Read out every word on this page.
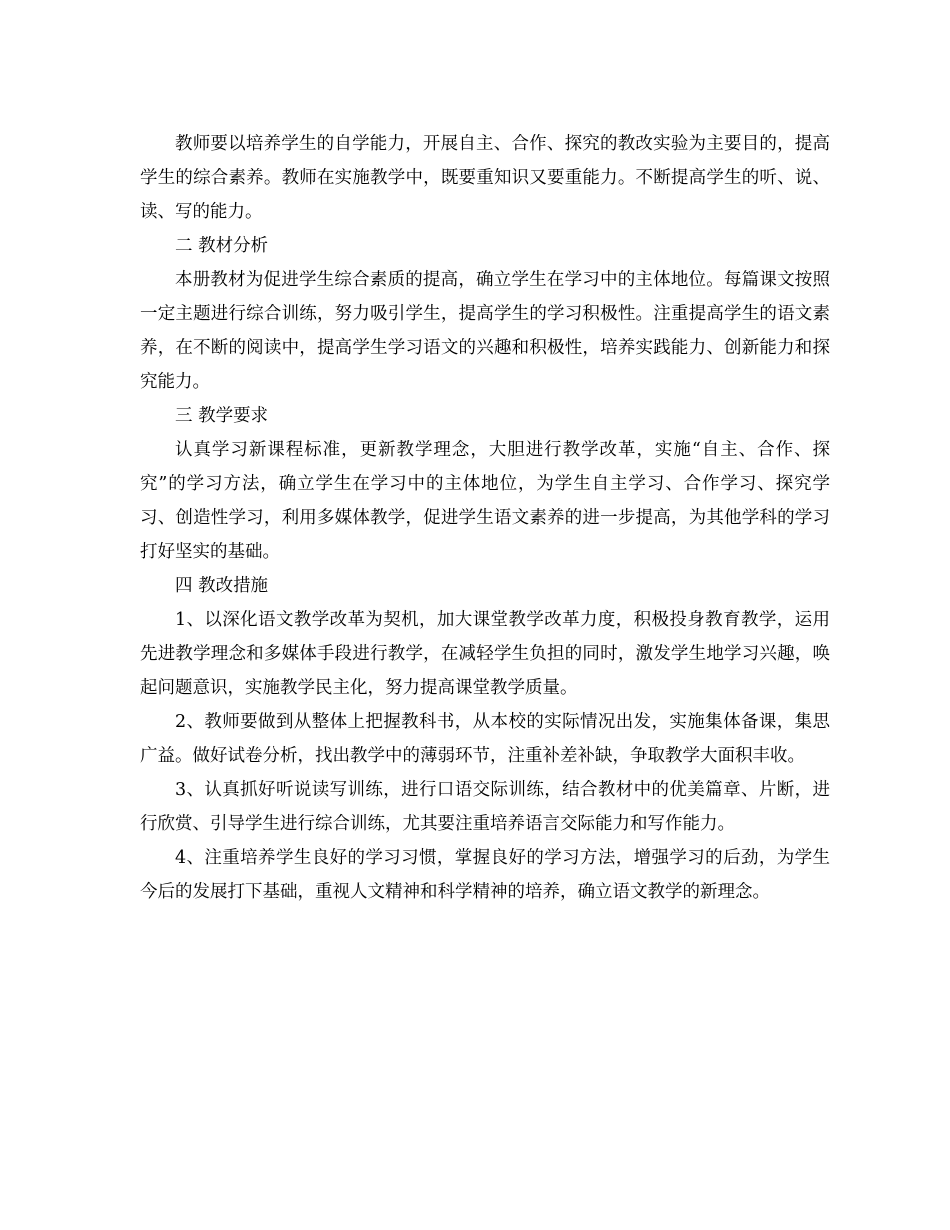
教师要以培养学生的自学能力，开展自主、合作、探究的教改实验为主要目的，提高学生的综合素养。教师在实施教学中，既要重知识又要重能力。不断提高学生的听、说、读、写的能力。

二 教材分析

本册教材为促进学生综合素质的提高，确立学生在学习中的主体地位。每篇课文按照一定主题进行综合训练，努力吸引学生，提高学生的学习积极性。注重提高学生的语文素养，在不断的阅读中，提高学生学习语文的兴趣和积极性，培养实践能力、创新能力和探究能力。

三 教学要求

认真学习新课程标准，更新教学理念，大胆进行教学改革，实施“自主、合作、探究”的学习方法，确立学生在学习中的主体地位，为学生自主学习、合作学习、探究学习、创造性学习，利用多媒体教学，促进学生语文素养的进一步提高，为其他学科的学习打好坚实的基础。

四 教改措施

1、以深化语文教学改革为契机，加大课堂教学改革力度，积极投身教育教学，运用先进教学理念和多媒体手段进行教学，在减轻学生负担的同时，激发学生地学习兴趣，唤起问题意识，实施教学民主化，努力提高课堂教学质量。

2、教师要做到从整体上把握教科书，从本校的实际情况出发，实施集体备课，集思广益。做好试卷分析，找出教学中的薄弱环节，注重补差补缺，争取教学大面积丰收。

3、认真抓好听说读写训练，进行口语交际训练，结合教材中的优美篇章、片断，进行欣赏、引导学生进行综合训练，尤其要注重培养语言交际能力和写作能力。

4、注重培养学生良好的学习习惯，掌握良好的学习方法，增强学习的后劲，为学生今后的发展打下基础，重视人文精神和科学精神的培养，确立语文教学的新理念。
